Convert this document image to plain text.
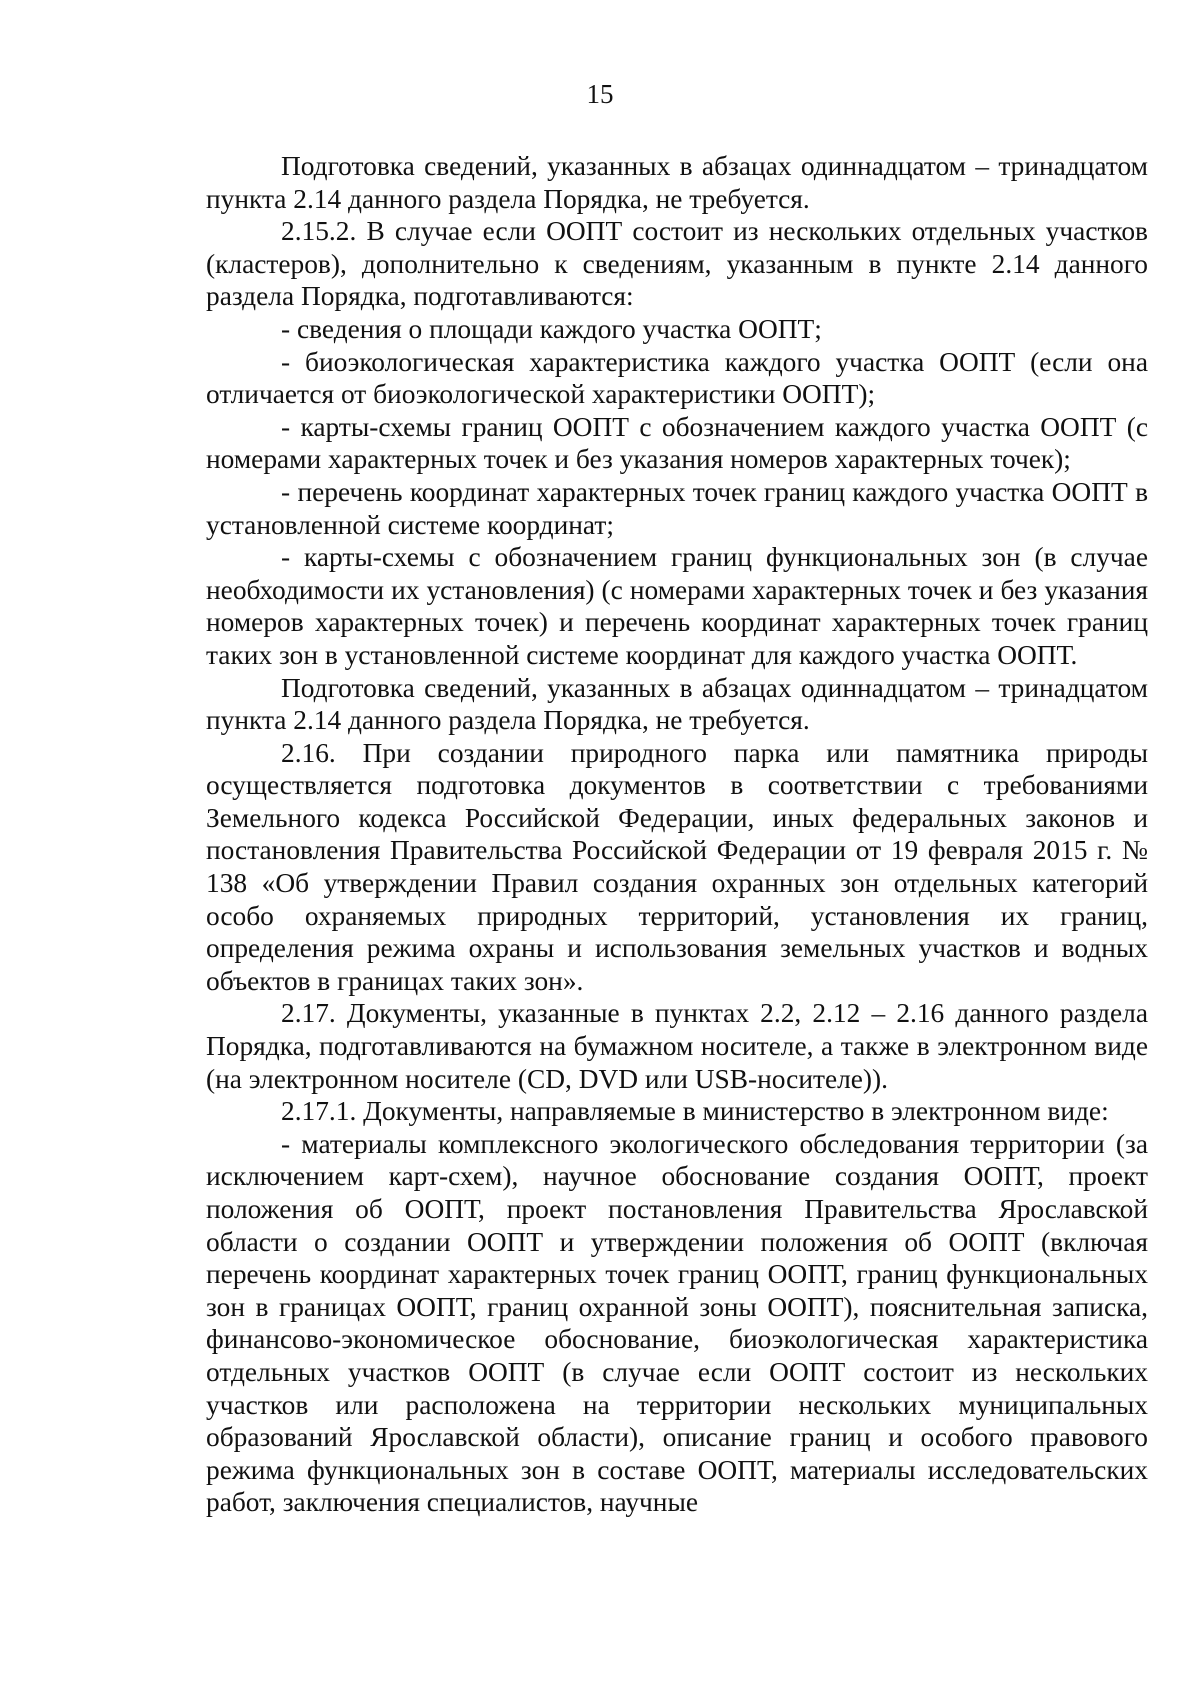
15

Подготовка сведений, указанных в абзацах одиннадцатом – тринадцатом пункта 2.14 данного раздела Порядка, не требуется.

2.15.2. В случае если ООПТ состоит из нескольких отдельных участков (кластеров), дополнительно к сведениям, указанным в пункте 2.14 данного раздела Порядка, подготавливаются:

- сведения о площади каждого участка ООПТ;

- биоэкологическая характеристика каждого участка ООПТ (если она отличается от биоэкологической характеристики ООПТ);

- карты-схемы границ ООПТ с обозначением каждого участка ООПТ (с номерами характерных точек и без указания номеров характерных точек);

- перечень координат характерных точек границ каждого участка ООПТ в установленной системе координат;

- карты-схемы с обозначением границ функциональных зон (в случае необходимости их установления) (с номерами характерных точек и без указания номеров характерных точек) и перечень координат характерных точек границ таких зон в установленной системе координат для каждого участка ООПТ.

Подготовка сведений, указанных в абзацах одиннадцатом – тринадцатом пункта 2.14 данного раздела Порядка, не требуется.

2.16. При создании природного парка или памятника природы осуществляется подготовка документов в соответствии с требованиями Земельного кодекса Российской Федерации, иных федеральных законов и постановления Правительства Российской Федерации от 19 февраля 2015 г. № 138 «Об утверждении Правил создания охранных зон отдельных категорий особо охраняемых природных территорий, установления их границ, определения режима охраны и использования земельных участков и водных объектов в границах таких зон».

2.17. Документы, указанные в пунктах 2.2, 2.12 – 2.16 данного раздела Порядка, подготавливаются на бумажном носителе, а также в электронном виде (на электронном носителе (CD, DVD или USB-носителе)).

2.17.1. Документы, направляемые в министерство в электронном виде:

- материалы комплексного экологического обследования территории (за исключением карт-схем), научное обоснование создания ООПТ, проект положения об ООПТ, проект постановления Правительства Ярославской области о создании ООПТ и утверждении положения об ООПТ (включая перечень координат характерных точек границ ООПТ, границ функциональных зон в границах ООПТ, границ охранной зоны ООПТ), пояснительная записка, финансово-экономическое обоснование, биоэкологическая характеристика отдельных участков ООПТ (в случае если ООПТ состоит из нескольких участков или расположена на территории нескольких муниципальных образований Ярославской области), описание границ и особого правового режима функциональных зон в составе ООПТ, материалы исследовательских работ, заключения специалистов, научные
